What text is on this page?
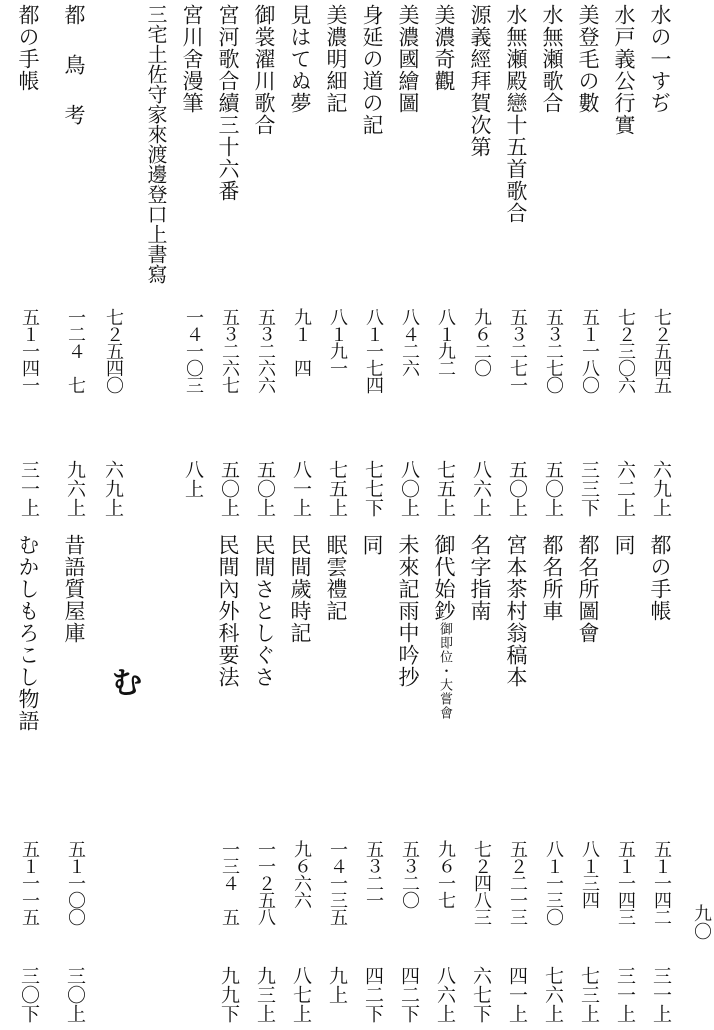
水の一すぢ
七２五四五
六九上
水戸義公行實
七２三〇六
六二上
美登毛の數
五１一八〇
三三下
水無瀬歌合
五３二七〇
五〇上
水無瀬殿戀十五首歌合
五３二七一
五〇上
源義經拜賀次第
九６二〇
八六上
美濃奇觀
八１九二
七五上
美濃國繪圖
八４二六
八〇上
身延の道の記
八１一七四
七七下
美濃明細記
八１九一
七五上
見はてぬ夢
九１　四
八一上
御裳濯川歌合
五３二六六
五〇上
宮河歌合續三十六番
五３二六七
五〇上
宮川舍漫筆
一４一〇三
八上
三宅土佐守家來渡邊登口上書寫
七２五四〇
六九上
都　鳥　考
一二４　七
九六上
都の手帳
五１一四一
三一上
都の手帳
五１一四二
三一上
同
五１一四三
三一上
都名所圖會
八１三四
七三上
都名所車
八１一三〇
七六上
宮本茶村翁稿本
五２二一三
四一上
名字指南
七２四八三
六七下
御代始鈔御即位・大嘗會
九６一七
八六上
未來記雨中吟抄
五３二〇
四二下
同
五３二一
四二下
眠雲禮記
一４一三五
九上
民間歲時記
九６六六
八七上
民間さとしぐさ
一一２五八
九三上
民間內外科要法
一三４　五
九九下
む
昔語質屋庫
五１一〇〇
三〇上
むかしもろこし物語
五１一一五
三〇下
九〇
